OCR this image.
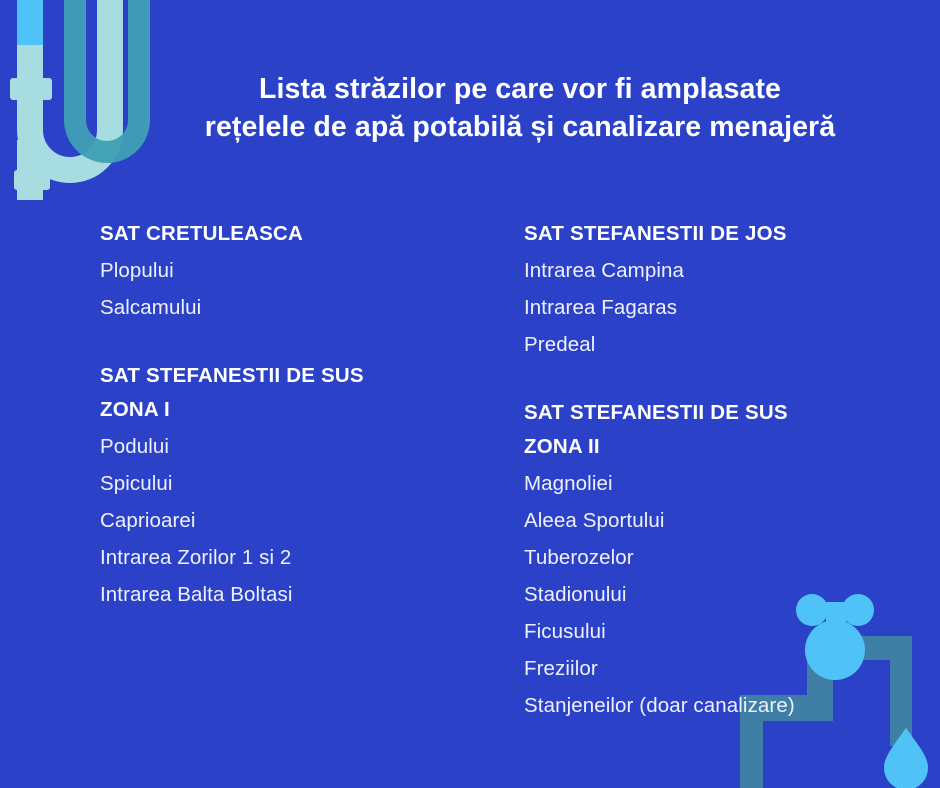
Lista străzilor pe care vor fi amplasate
rețelele de apă potabilă și canalizare menajeră
SAT CRETULEASCA
Plopului
Salcamului
SAT STEFANESTII DE SUS
ZONA I
Podului
Spicului
Caprioarei
Intrarea Zorilor 1 si 2
Intrarea Balta Boltasi
SAT STEFANESTII DE JOS
Intrarea Campina
Intrarea Fagaras
Predeal
SAT STEFANESTII DE SUS
ZONA II
Magnoliei
Aleea Sportului
Tuberozelor
Stadionului
Ficusului
Freziilor
Stanjeneilor (doar canalizare)
